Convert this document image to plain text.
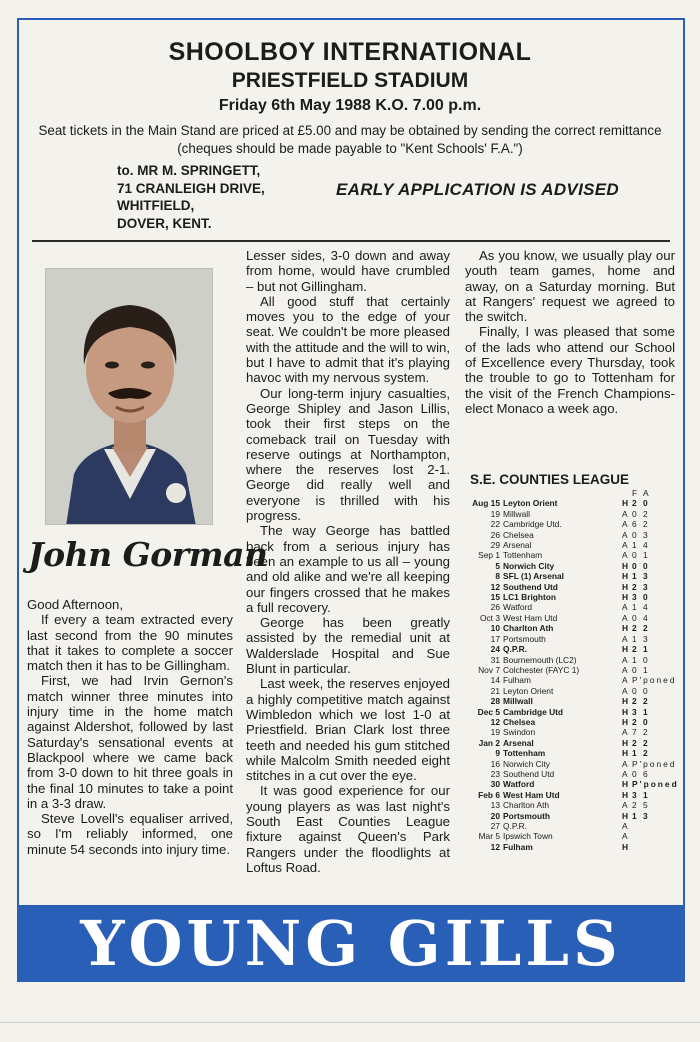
SHOOLBOY INTERNATIONAL
PRIESTFIELD STADIUM
Friday 6th May 1988 K.O. 7.00 p.m.
Seat tickets in the Main Stand are priced at £5.00 and may be obtained by sending the correct remittance (cheques should be made payable to "Kent Schools' F.A.")
to. MR M. SPRINGETT,
71 CRANLEIGH DRIVE,
WHITFIELD,
DOVER, KENT.
EARLY APPLICATION IS ADVISED
John Gorman

Good Afternoon,

If every a team extracted every last second from the 90 minutes that it takes to complete a soccer match then it has to be Gillingham.

First, we had Irvin Gernon's match winner three minutes into injury time in the home match against Aldershot, followed by last Saturday's sensational events at Blackpool where we came back from 3-0 down to hit three goals in the final 10 minutes to take a point in a 3-3 draw.

Steve Lovell's equaliser arrived, so I'm reliably informed, one minute 54 seconds into injury time.

Lesser sides, 3-0 down and away from home, would have crumbled – but not Gillingham.

All good stuff that certainly moves you to the edge of your seat. We couldn't be more pleased with the attitude and the will to win, but I have to admit that it's playing havoc with my nervous system.

Our long-term injury casualties, George Shipley and Jason Lillis, took their first steps on the comeback trail on Tuesday with reserve outings at Northampton, where the reserves lost 2-1. George did really well and everyone is thrilled with his progress.

The way George has battled back from a serious injury has been an example to us all – young and old alike and we're all keeping our fingers crossed that he makes a full recovery.

George has been greatly assisted by the remedial unit at Walderslade Hospital and Sue Blunt in particular.

Last week, the reserves enjoyed a highly competitive match against Wimbledon which we lost 1-0 at Priestfield. Brian Clark lost three teeth and needed his gum stitched while Malcolm Smith needed eight stitches in a cut over the eye.

It was good experience for our young players as was last night's South East Counties League fixture against Queen's Park Rangers under the floodlights at Loftus Road.

As you know, we usually play our youth team games, home and away, on a Saturday morning. But at Rangers' request we agreed to the switch.

Finally, I was pleased that some of the lads who attend our School of Excellence every Thursday, took the trouble to go to Tottenham for the visit of the French Champions-elect Monaco a week ago.

S.E. COUNTIES LEAGUE
			F A
Aug 15	Leyton Orient	H	2 0
19	Millwall	A	0 2
22	Cambridge Utd.	A	6 2
26	Chelsea	A	0 3
29	Arsenal	A	1 4
Sep 1	Tottenham	A	0 1
5	Norwich City	H	0 0
8	SFL (1) Arsenal	H	1 3
12	Southend Utd	H	2 3
15	LC1 Brighton	H	3 0
26	Watford	A	1 4
Oct 3	West Ham Utd	A	0 4
10	Charlton Ath	H	2 2
17	Portsmouth	A	1 3
24	Q.P.R.	H	2 1
31	Bournemouth (LC2)	A	1 0
Nov 7	Colchester (FAYC 1)	A	0 1
14	Fulham	A	P'poned
21	Leyton Orient	A	0 0
28	Millwall	H	2 2
Dec 5	Cambridge Utd	H	3 1
12	Chelsea	H	2 0
19	Swindon	A	7 2
Jan 2	Arsenal	H	2 2
9	Tottenham	H	1 2
16	Norwich City	A	P'poned
23	Southend Utd	A	0 6
30	Watford	H	P'poned
Feb 6	West Ham Utd	H	3 1
13	Charlton Ath	A	2 5
20	Portsmouth	H	1 3
27	Q.P.R.	A	
Mar 5	Ipswich Town	A	
12	Fulham	H	
YOUNG GILLS
